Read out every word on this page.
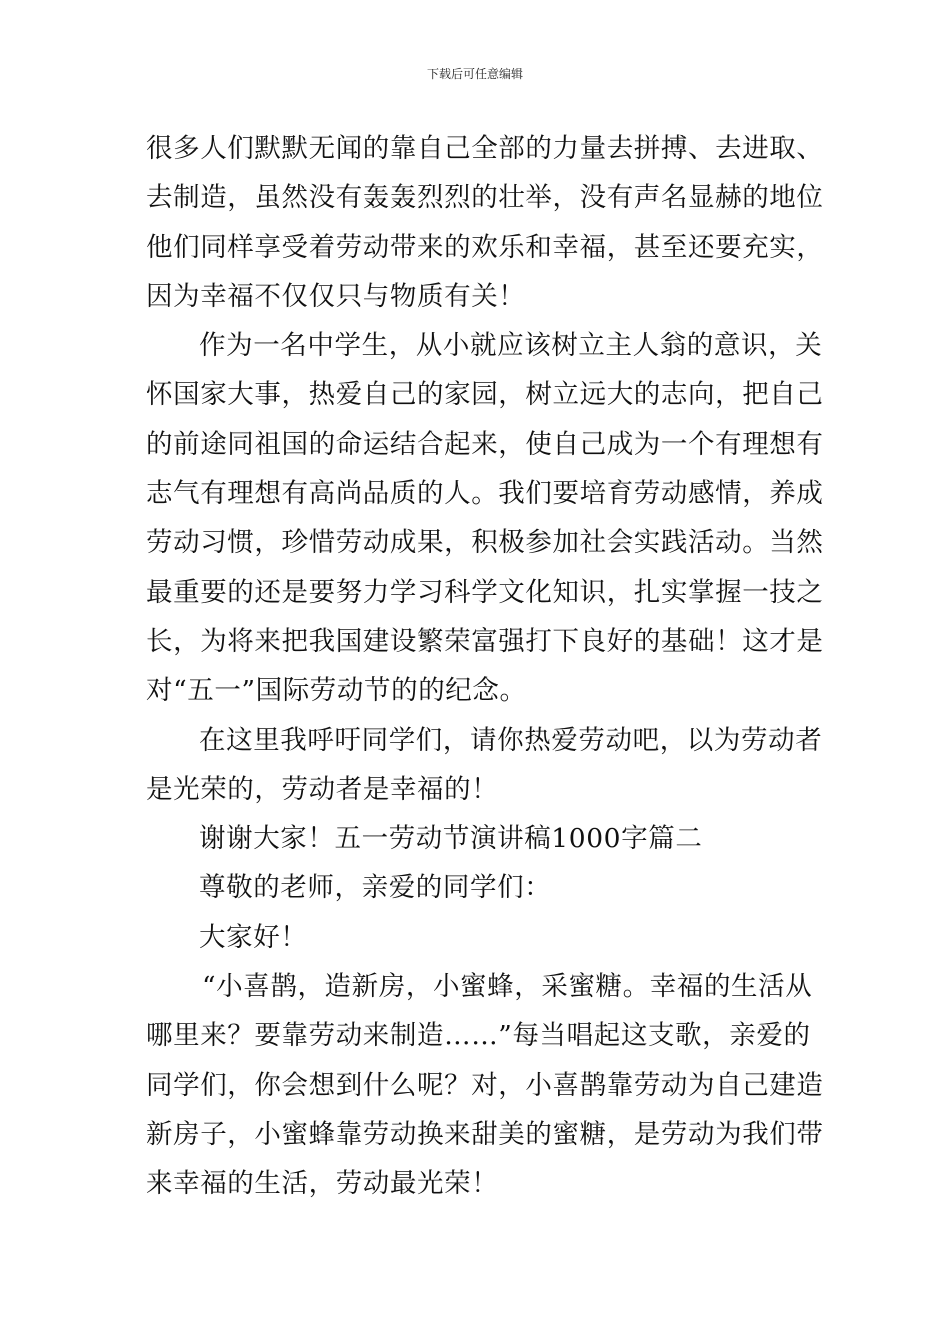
下载后可任意编辑
很多人们默默无闻的靠自己全部的力量去拼搏、去进取、
去制造，虽然没有轰轰烈烈的壮举，没有声名显赫的地位
他们同样享受着劳动带来的欢乐和幸福，甚至还要充实，
因为幸福不仅仅只与物质有关！
作为一名中学生，从小就应该树立主人翁的意识，关
怀国家大事，热爱自己的家园，树立远大的志向，把自己
的前途同祖国的命运结合起来，使自己成为一个有理想有
志气有理想有高尚品质的人。我们要培育劳动感情，养成
劳动习惯，珍惜劳动成果，积极参加社会实践活动。当然
最重要的还是要努力学习科学文化知识，扎实掌握一技之
长，为将来把我国建设繁荣富强打下良好的基础！这才是
对“五一”国际劳动节的的纪念。
在这里我呼吁同学们，请你热爱劳动吧，以为劳动者
是光荣的，劳动者是幸福的！
谢谢大家！五一劳动节演讲稿1000字篇二
尊敬的老师，亲爱的同学们：
大家好！
“小喜鹊，造新房，小蜜蜂，采蜜糖。幸福的生活从
哪里来？要靠劳动来制造……”每当唱起这支歌，亲爱的
同学们，你会想到什么呢？对，小喜鹊靠劳动为自己建造
新房子，小蜜蜂靠劳动换来甜美的蜜糖，是劳动为我们带
来幸福的生活，劳动最光荣！
